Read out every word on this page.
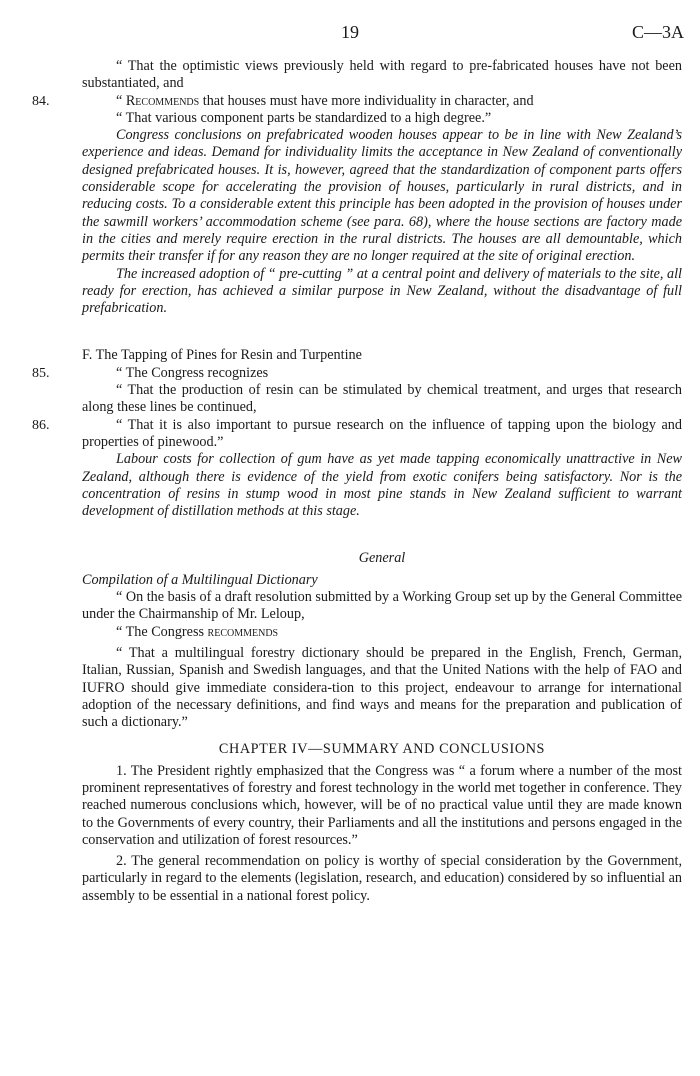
19	C—3A

“ That the optimistic views previously held with regard to pre-fabricated houses have not been substantiated, and

84.	“ Recommends that houses must have more individuality in character, and

“ That various component parts be standardized to a high degree.”

Congress conclusions on prefabricated wooden houses appear to be in line with New Zealand’s experience and ideas. Demand for individuality limits the acceptance in New Zealand of conventionally designed prefabricated houses. It is, however, agreed that the standardization of component parts offers considerable scope for accelerating the provision of houses, particularly in rural districts, and in reducing costs. To a considerable extent this principle has been adopted in the provision of houses under the sawmill workers’ accommodation scheme (see para. 68), where the house sections are factory made in the cities and merely require erection in the rural districts. The houses are all demountable, which permits their transfer if for any reason they are no longer required at the site of original erection.

The increased adoption of “ pre-cutting ” at a central point and delivery of materials to the site, all ready for erection, has achieved a similar purpose in New Zealand, without the disadvantage of full prefabrication.

F. The Tapping of Pines for Resin and Turpentine

85.	“ The Congress recognizes

“ That the production of resin can be stimulated by chemical treatment, and urges that research along these lines be continued,

86.	“ That it is also important to pursue research on the influence of tapping upon the biology and properties of pinewood.”

Labour costs for collection of gum have as yet made tapping economically unattractive in New Zealand, although there is evidence of the yield from exotic conifers being satisfactory. Nor is the concentration of resins in stump wood in most pine stands in New Zealand sufficient to warrant development of distillation methods at this stage.

General

Compilation of a Multilingual Dictionary

“ On the basis of a draft resolution submitted by a Working Group set up by the General Committee under the Chairmanship of Mr. Leloup,

“ The Congress recommends

“ That a multilingual forestry dictionary should be prepared in the English, French, German, Italian, Russian, Spanish and Swedish languages, and that the United Nations with the help of FAO and IUFRO should give immediate considera-tion to this project, endeavour to arrange for international adoption of the necessary definitions, and find ways and means for the preparation and publication of such a dictionary.”

CHAPTER IV—SUMMARY AND CONCLUSIONS

1. The President rightly emphasized that the Congress was “ a forum where a number of the most prominent representatives of forestry and forest technology in the world met together in conference. They reached numerous conclusions which, however, will be of no practical value until they are made known to the Governments of every country, their Parliaments and all the institutions and persons engaged in the conservation and utilization of forest resources.”

2. The general recommendation on policy is worthy of special consideration by the Government, particularly in regard to the elements (legislation, research, and education) considered by so influential an assembly to be essential in a national forest policy.
